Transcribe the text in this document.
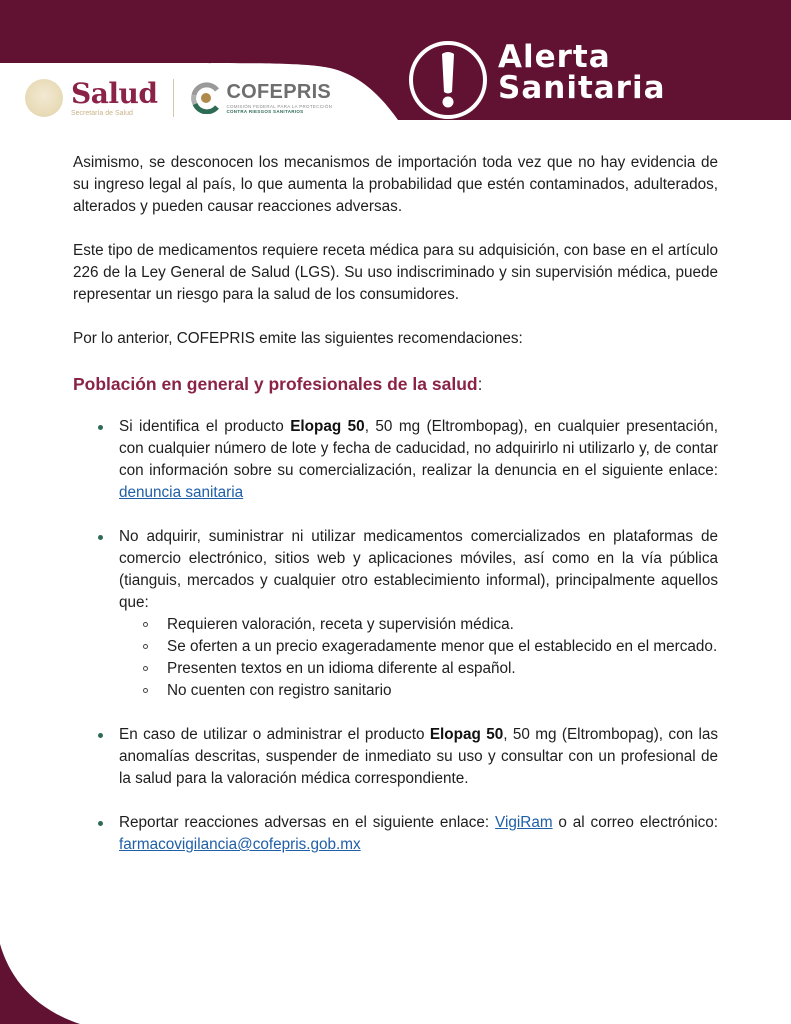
Salud
Secretaría de Salud
COFEPRIS
COMISIÓN FEDERAL PARA LA PROTECCIÓN
CONTRA RIESGOS SANITARIOS
Alerta
Sanitaria

Asimismo, se desconocen los mecanismos de importación toda vez que no hay evidencia de su ingreso legal al país, lo que aumenta la probabilidad que estén contaminados, adulterados, alterados y pueden causar reacciones adversas.

Este tipo de medicamentos requiere receta médica para su adquisición, con base en el artículo 226 de la Ley General de Salud (LGS). Su uso indiscriminado y sin supervisión médica, puede representar un riesgo para la salud de los consumidores.

Por lo anterior, COFEPRIS emite las siguientes recomendaciones:

Población en general y profesionales de la salud:
Si identifica el producto Elopag 50, 50 mg (Eltrombopag), en cualquier presentación, con cualquier número de lote y fecha de caducidad, no adquirirlo ni utilizarlo y, de contar con información sobre su comercialización, realizar la denuncia en el siguiente enlace: denuncia sanitaria
No adquirir, suministrar ni utilizar medicamentos comercializados en plataformas de comercio electrónico, sitios web y aplicaciones móviles, así como en la vía pública (tianguis, mercados y cualquier otro establecimiento informal), principalmente aquellos que:
Requieren valoración, receta y supervisión médica.
Se oferten a un precio exageradamente menor que el establecido en el mercado.
Presenten textos en un idioma diferente al español.
No cuenten con registro sanitario
En caso de utilizar o administrar el producto Elopag 50, 50 mg (Eltrombopag), con las anomalías descritas, suspender de inmediato su uso y consultar con un profesional de la salud para la valoración médica correspondiente.
Reportar reacciones adversas en el siguiente enlace: VigiRam o al correo electrónico: farmacovigilancia@cofepris.gob.mx
